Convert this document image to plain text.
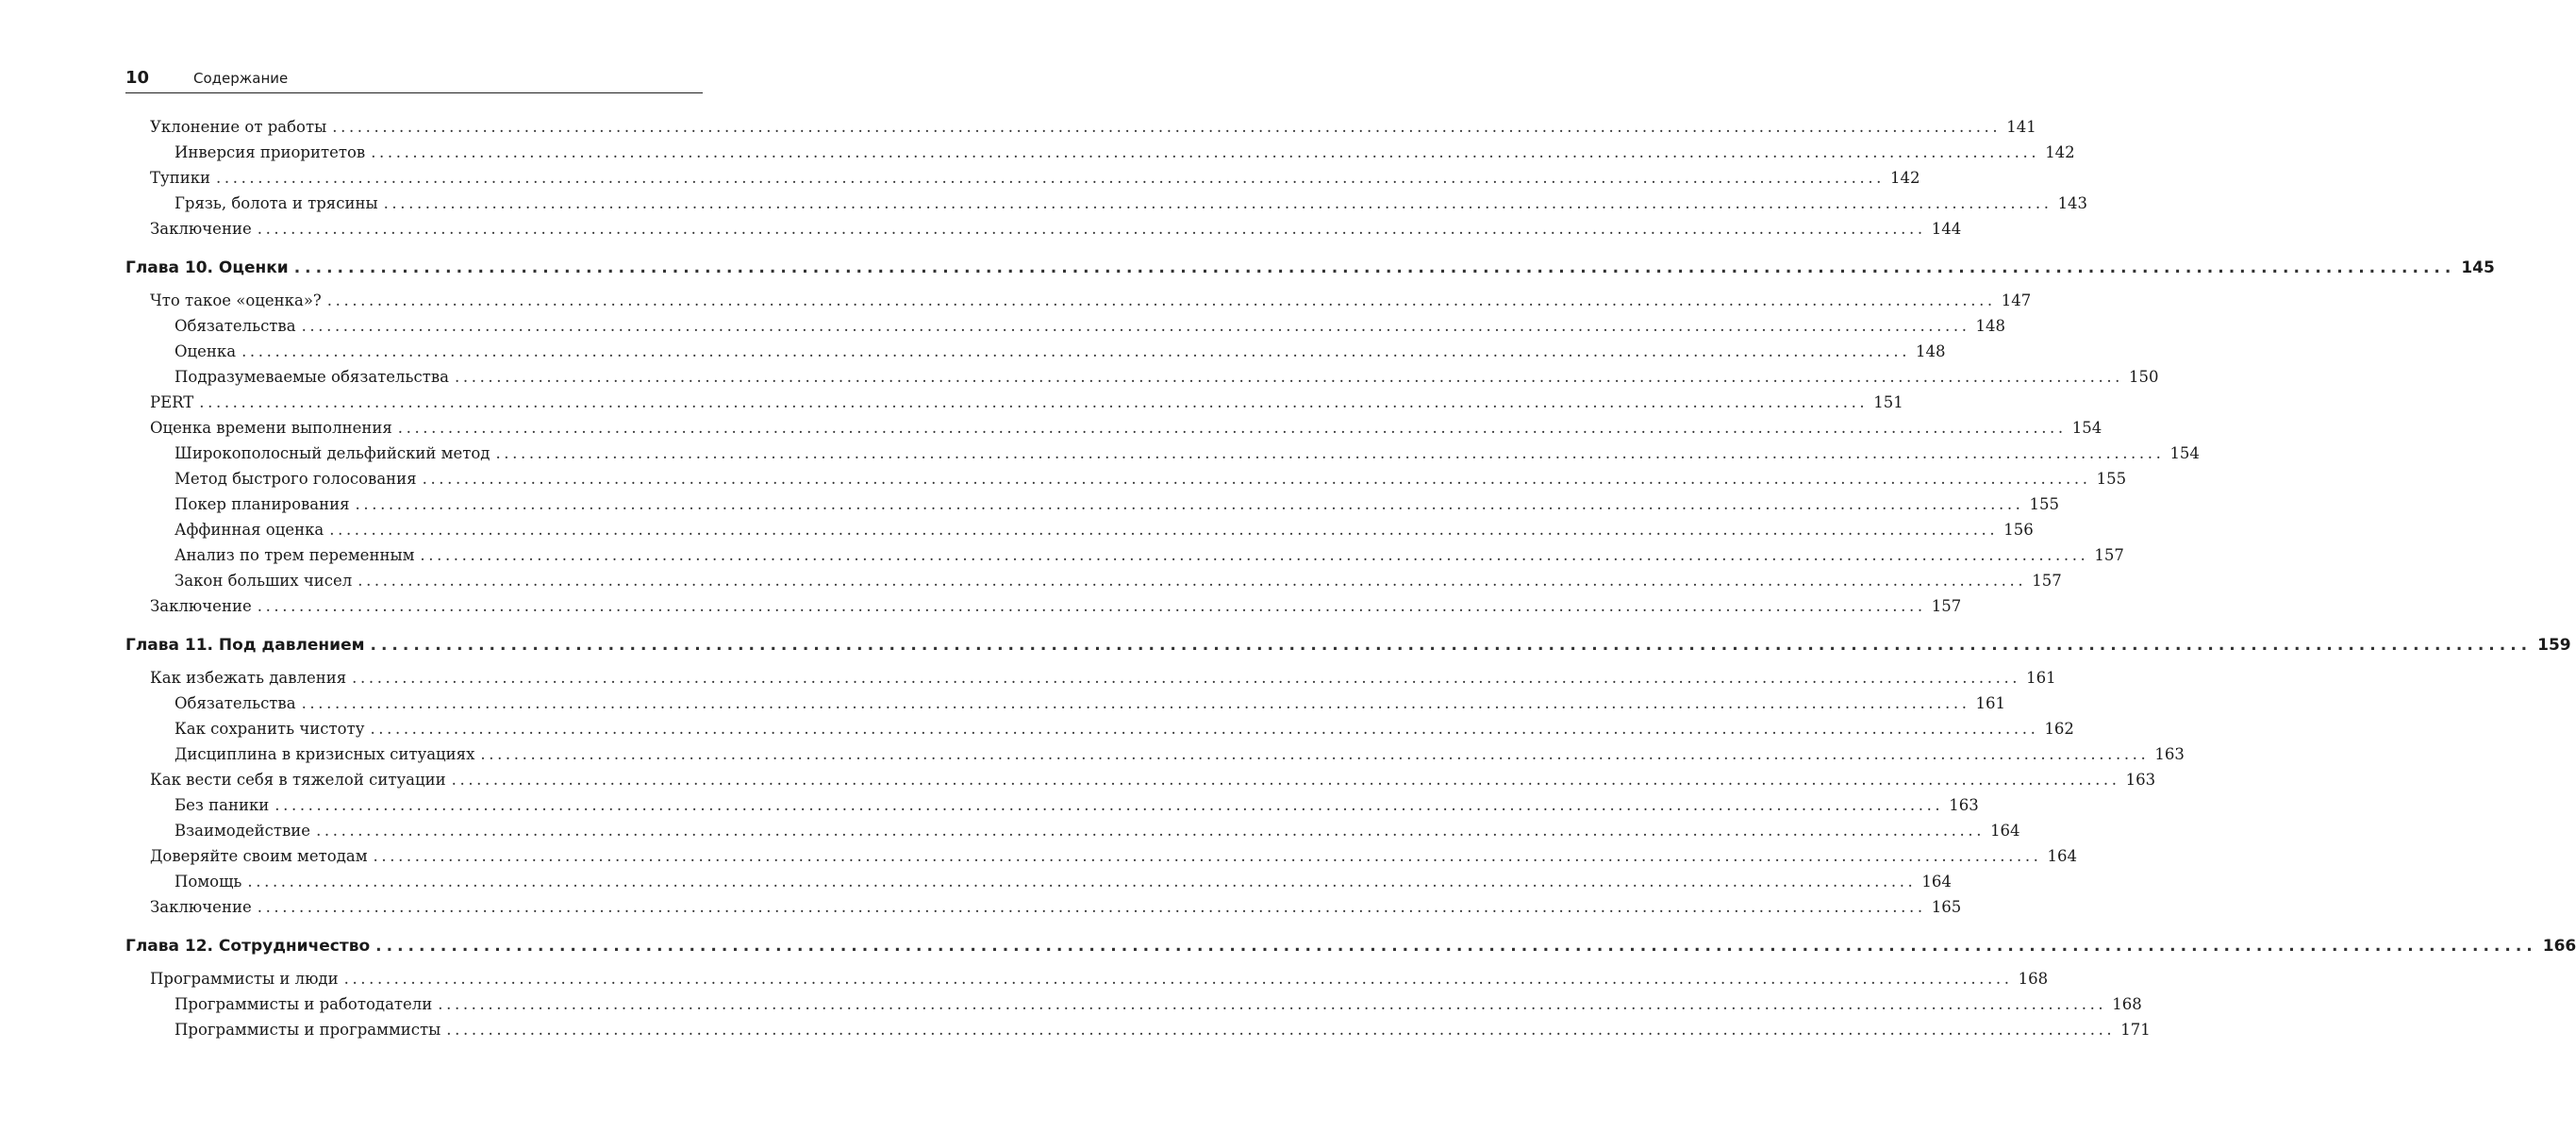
10	Содержание
Уклонение от работы ........................................................................................................................................................................................................ 141
Инверсия приоритетов ........................................................................................................................................................................................................ 142
Тупики ........................................................................................................................................................................................................ 142
Грязь, болота и трясины ........................................................................................................................................................................................................ 143
Заключение ........................................................................................................................................................................................................ 144
Глава 10. Оценки ........................................................................................................................................................................................................ 145
Что такое «оценка»? ........................................................................................................................................................................................................ 147
Обязательства ........................................................................................................................................................................................................ 148
Оценка ........................................................................................................................................................................................................ 148
Подразумеваемые обязательства ........................................................................................................................................................................................................ 150
PERT ........................................................................................................................................................................................................ 151
Оценка времени выполнения ........................................................................................................................................................................................................ 154
Широкополосный дельфийский метод ........................................................................................................................................................................................................ 154
Метод быстрого голосования ........................................................................................................................................................................................................ 155
Покер планирования ........................................................................................................................................................................................................ 155
Аффинная оценка ........................................................................................................................................................................................................ 156
Анализ по трем переменным ........................................................................................................................................................................................................ 157
Закон больших чисел ........................................................................................................................................................................................................ 157
Заключение ........................................................................................................................................................................................................ 157
Глава 11. Под давлением ........................................................................................................................................................................................................ 159
Как избежать давления ........................................................................................................................................................................................................ 161
Обязательства ........................................................................................................................................................................................................ 161
Как сохранить чистоту ........................................................................................................................................................................................................ 162
Дисциплина в кризисных ситуациях ........................................................................................................................................................................................................ 163
Как вести себя в тяжелой ситуации ........................................................................................................................................................................................................ 163
Без паники ........................................................................................................................................................................................................ 163
Взаимодействие ........................................................................................................................................................................................................ 164
Доверяйте своим методам ........................................................................................................................................................................................................ 164
Помощь ........................................................................................................................................................................................................ 164
Заключение ........................................................................................................................................................................................................ 165
Глава 12. Сотрудничество ........................................................................................................................................................................................................ 166
Программисты и люди ........................................................................................................................................................................................................ 168
Программисты и работодатели ........................................................................................................................................................................................................ 168
Программисты и программисты ........................................................................................................................................................................................................ 171
